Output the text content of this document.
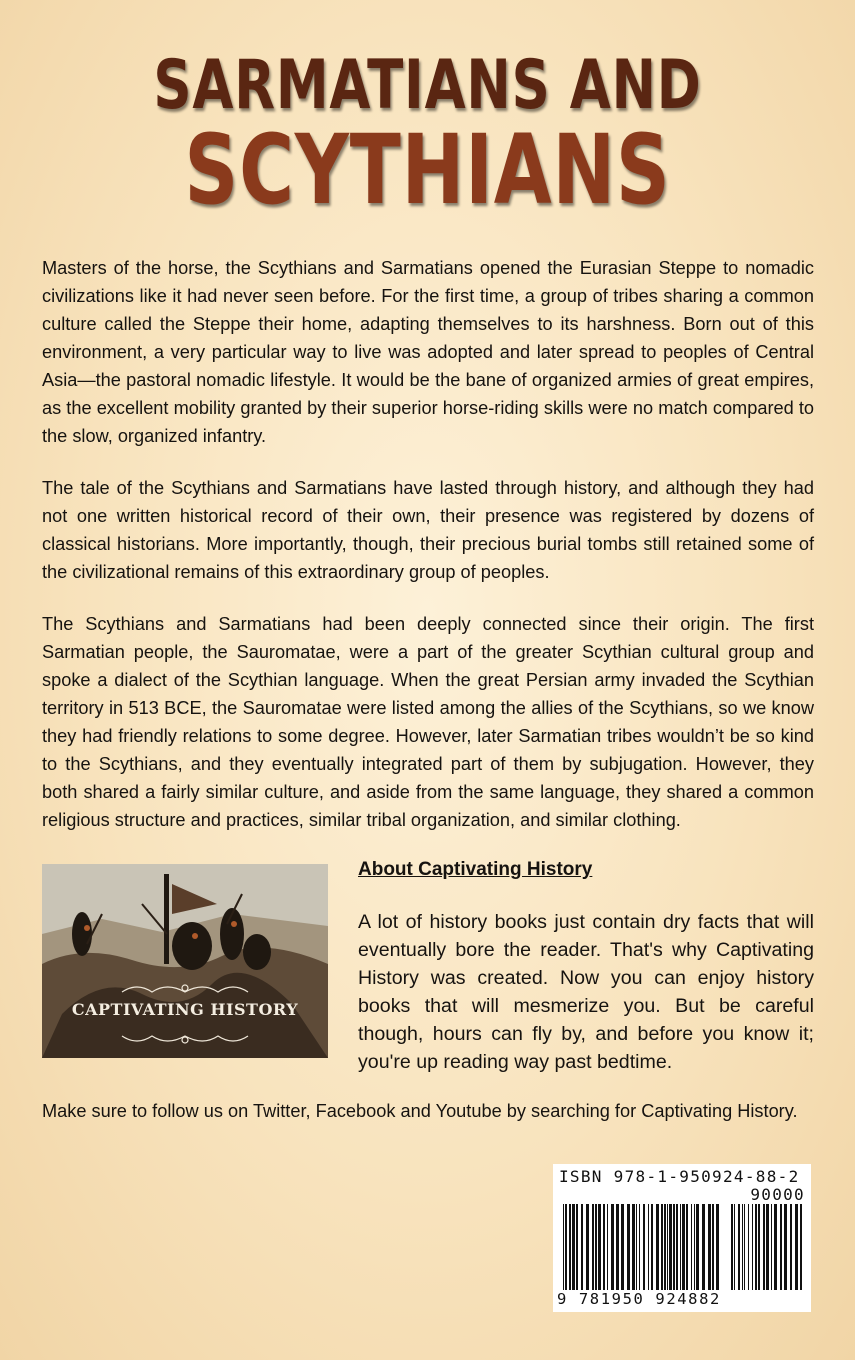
SARMATIANS AND
SCYTHIANS

Masters of the horse, the Scythians and Sarmatians opened the Eurasian Steppe to nomadic civilizations like it had never seen before. For the first time, a group of tribes sharing a common culture called the Steppe their home, adapting themselves to its harshness. Born out of this environment, a very particular way to live was adopted and later spread to peoples of Central Asia—the pastoral nomadic lifestyle. It would be the bane of organized armies of great empires, as the excellent mobility granted by their superior horse-riding skills were no match compared to the slow, organized infantry.

The tale of the Scythians and Sarmatians have lasted through history, and although they had not one written historical record of their own, their presence was registered by dozens of classical historians. More importantly, though, their precious burial tombs still retained some of the civilizational remains of this extraordinary group of peoples.

The Scythians and Sarmatians had been deeply connected since their origin. The first Sarmatian people, the Sauromatae, were a part of the greater Scythian cultural group and spoke a dialect of the Scythian language. When the great Persian army invaded the Scythian territory in 513 BCE, the Sauromatae were listed among the allies of the Scythians, so we know they had friendly relations to some degree. However, later Sarmatian tribes wouldn’t be so kind to the Scythians, and they eventually integrated part of them by subjugation. However, they both shared a fairly similar culture, and aside from the same language, they shared a common religious structure and practices, similar tribal organization, and similar clothing.

CAPTIVATING HISTORY
About Captivating History

A lot of history books just contain dry facts that will eventually bore the reader. That's why Captivating History was created. Now you can enjoy history books that will mesmerize you. But be careful though, hours can fly by, and before you know it; you're up reading way past bedtime.

Make sure to follow us on Twitter, Facebook and Youtube by searching for Captivating History.

ISBN 978-1-950924-88-2
90000
9 781950 924882
